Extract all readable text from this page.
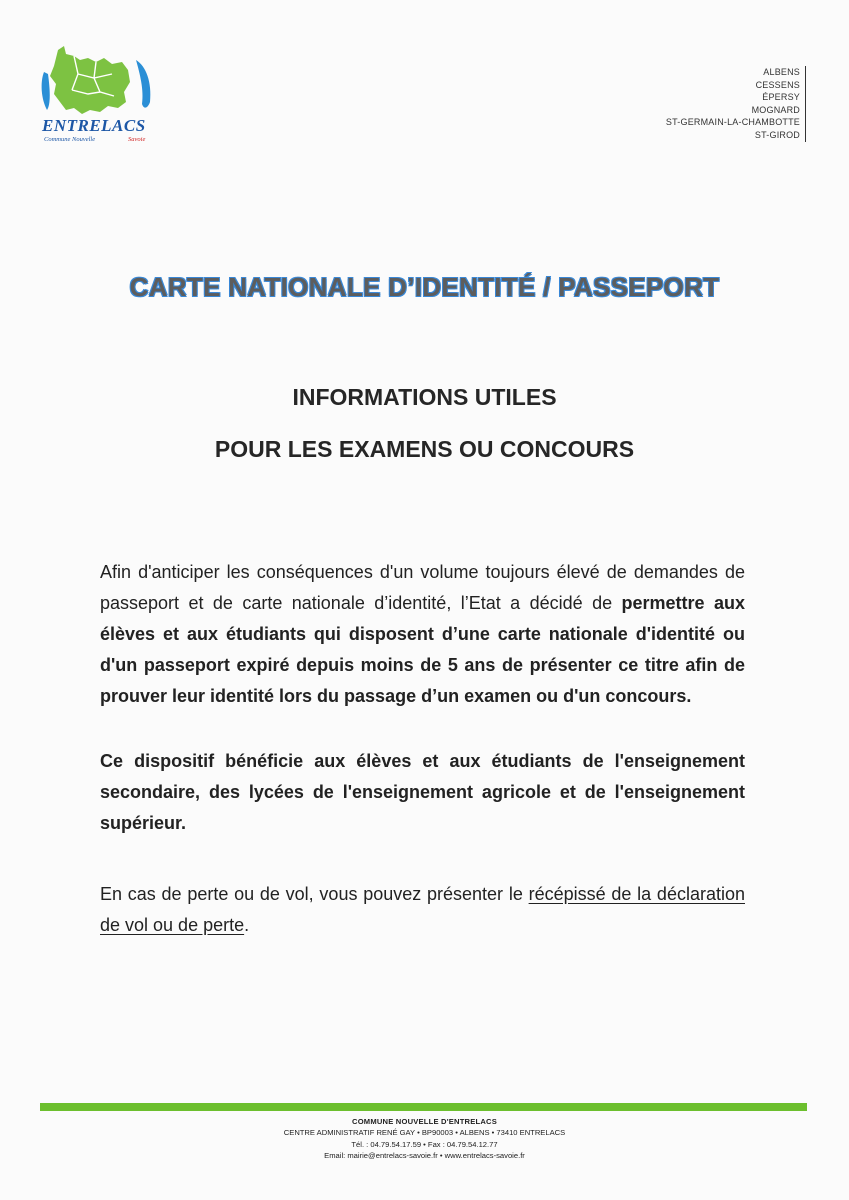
ENTRELACS
Commune Nouvelle	Savoie
ALBENS
CESSENS
ÉPERSY
MOGNARD
ST-GERMAIN-LA-CHAMBOTTE
ST-GIROD
CARTE NATIONALE D’IDENTITÉ / PASSEPORT
INFORMATIONS UTILES
POUR LES EXAMENS OU CONCOURS
Afin d'anticiper les conséquences d'un volume toujours élevé de demandes de passeport et de carte nationale d’identité, l’Etat a décidé de permettre aux élèves et aux étudiants qui disposent d’une carte nationale d'identité ou d'un passeport expiré depuis moins de 5 ans de présenter ce titre afin de prouver leur identité lors du passage d’un examen ou d'un concours.
Ce dispositif bénéficie aux élèves et aux étudiants de l'enseignement secondaire, des lycées de l'enseignement agricole et de l'enseignement supérieur.
En cas de perte ou de vol, vous pouvez présenter le récépissé de la déclaration de vol ou de perte.
COMMUNE NOUVELLE D'ENTRELACS
CENTRE ADMINISTRATIF RENÉ GAY • BP90003 • ALBENS • 73410 ENTRELACS
Tél. : 04.79.54.17.59 • Fax : 04.79.54.12.77
Email: mairie@entrelacs-savoie.fr • www.entrelacs-savoie.fr
